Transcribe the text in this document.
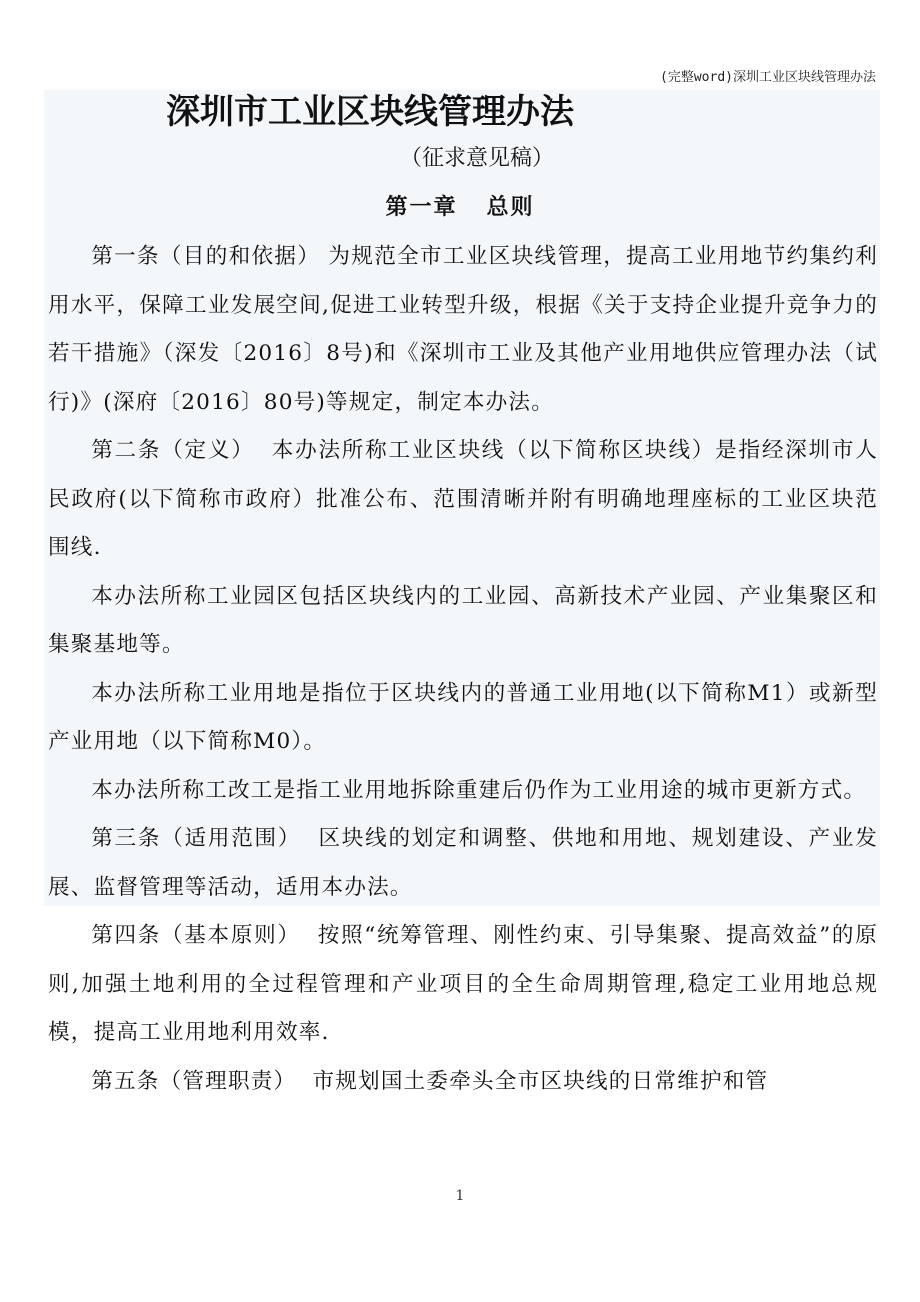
(完整word)深圳工业区块线管理办法
深圳市工业区块线管理办法
（征求意见稿）
第一章   总则

第一条（目的和依据） 为规范全市工业区块线管理，提高工业用地节约集约利用水平，保障工业发展空间,促进工业转型升级，根据《关于支持企业提升竞争力的若干措施》（深发〔2016〕8号)和《深圳市工业及其他产业用地供应管理办法（试行)》(深府〔2016〕80号)等规定，制定本办法。

第二条（定义）  本办法所称工业区块线（以下简称区块线）是指经深圳市人民政府(以下简称市政府）批准公布、范围清晰并附有明确地理座标的工业区块范围线.

本办法所称工业园区包括区块线内的工业园、高新技术产业园、产业集聚区和集聚基地等。

本办法所称工业用地是指位于区块线内的普通工业用地(以下简称M1）或新型产业用地（以下简称M0）。

本办法所称工改工是指工业用地拆除重建后仍作为工业用途的城市更新方式。

第三条（适用范围）  区块线的划定和调整、供地和用地、规划建设、产业发展、监督管理等活动，适用本办法。

第四条（基本原则）  按照“统筹管理、刚性约束、引导集聚、提高效益”的原则,加强土地利用的全过程管理和产业项目的全生命周期管理,稳定工业用地总规模，提高工业用地利用效率.

第五条（管理职责）  市规划国土委牵头全市区块线的日常维护和管

1
